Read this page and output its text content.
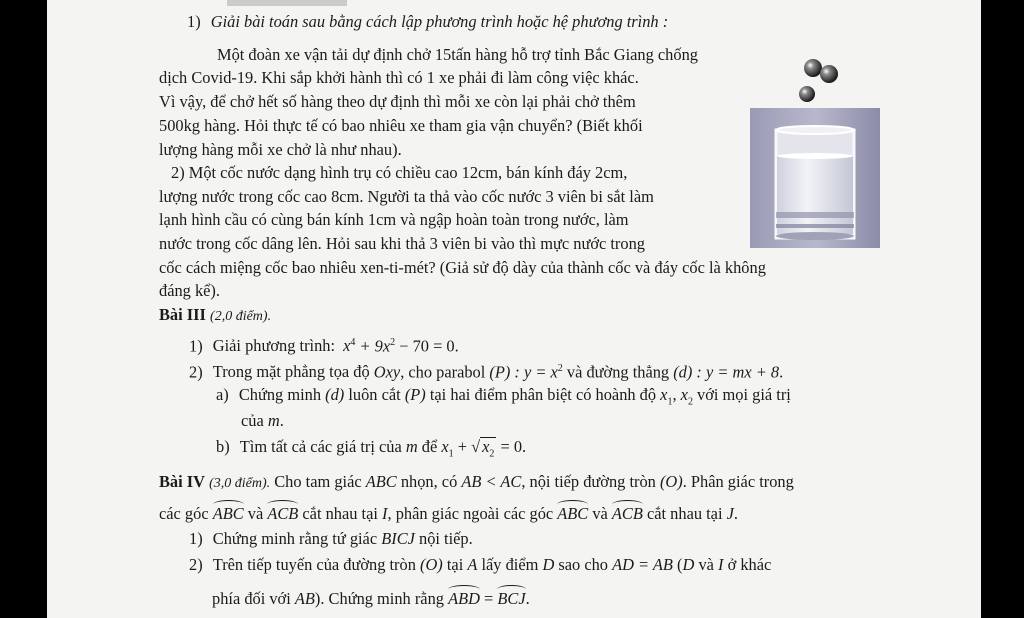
1) Giải bài toán sau bằng cách lập phương trình hoặc hệ phương trình :
Một đoàn xe vận tải dự định chở 15tấn hàng hỗ trợ tỉnh Bắc Giang chống
dịch Covid-19. Khi sắp khởi hành thì có 1 xe phải đi làm công việc khác.
Vì vậy, để chở hết số hàng theo dự định thì mỗi xe còn lại phải chở thêm
500kg hàng. Hỏi thực tế có bao nhiêu xe tham gia vận chuyển? (Biết khối
lượng hàng mỗi xe chở là như nhau).
2) Một cốc nước dạng hình trụ có chiều cao 12cm, bán kính đáy 2cm,
lượng nước trong cốc cao 8cm. Người ta thả vào cốc nước 3 viên bi sắt làm
lạnh hình cầu có cùng bán kính 1cm và ngập hoàn toàn trong nước, làm
nước trong cốc dâng lên. Hỏi sau khi thả 3 viên bi vào thì mực nước trong
cốc cách miệng cốc bao nhiêu xen-ti-mét? (Giả sử độ dày của thành cốc và đáy cốc là không
đáng kể).
Bài III (2,0 điểm).
1) Giải phương trình: $x^4 + 9x^2 - 70 = 0$.
2) Trong mặt phẳng tọa độ Oxy, cho parabol (P) : $y = x^2$ và đường thẳng (d) : y = mx + 8.
a) Chứng minh (d) luôn cắt (P) tại hai điểm phân biệt có hoành độ $x_1$, $x_2$ với mọi giá trị
của m.
b) Tìm tất cả các giá trị của m để $x_1$ + √ $x_2 = 0$.
Bài IV (3,0 điểm). Cho tam giác ABC nhọn, có AB < AC, nội tiếp đường tròn (O). Phân giác trong
các góc ABC và ACB cắt nhau tại I, phân giác ngoài các góc ABC và ACB cắt nhau tại J.
1) Chứng minh rằng tứ giác BICJ nội tiếp.
2) Trên tiếp tuyến của đường tròn (O) tại A lấy điểm D sao cho AD = AB (D và I ở khác
phía đối với AB). Chứng minh rằng ABD = BCJ.
